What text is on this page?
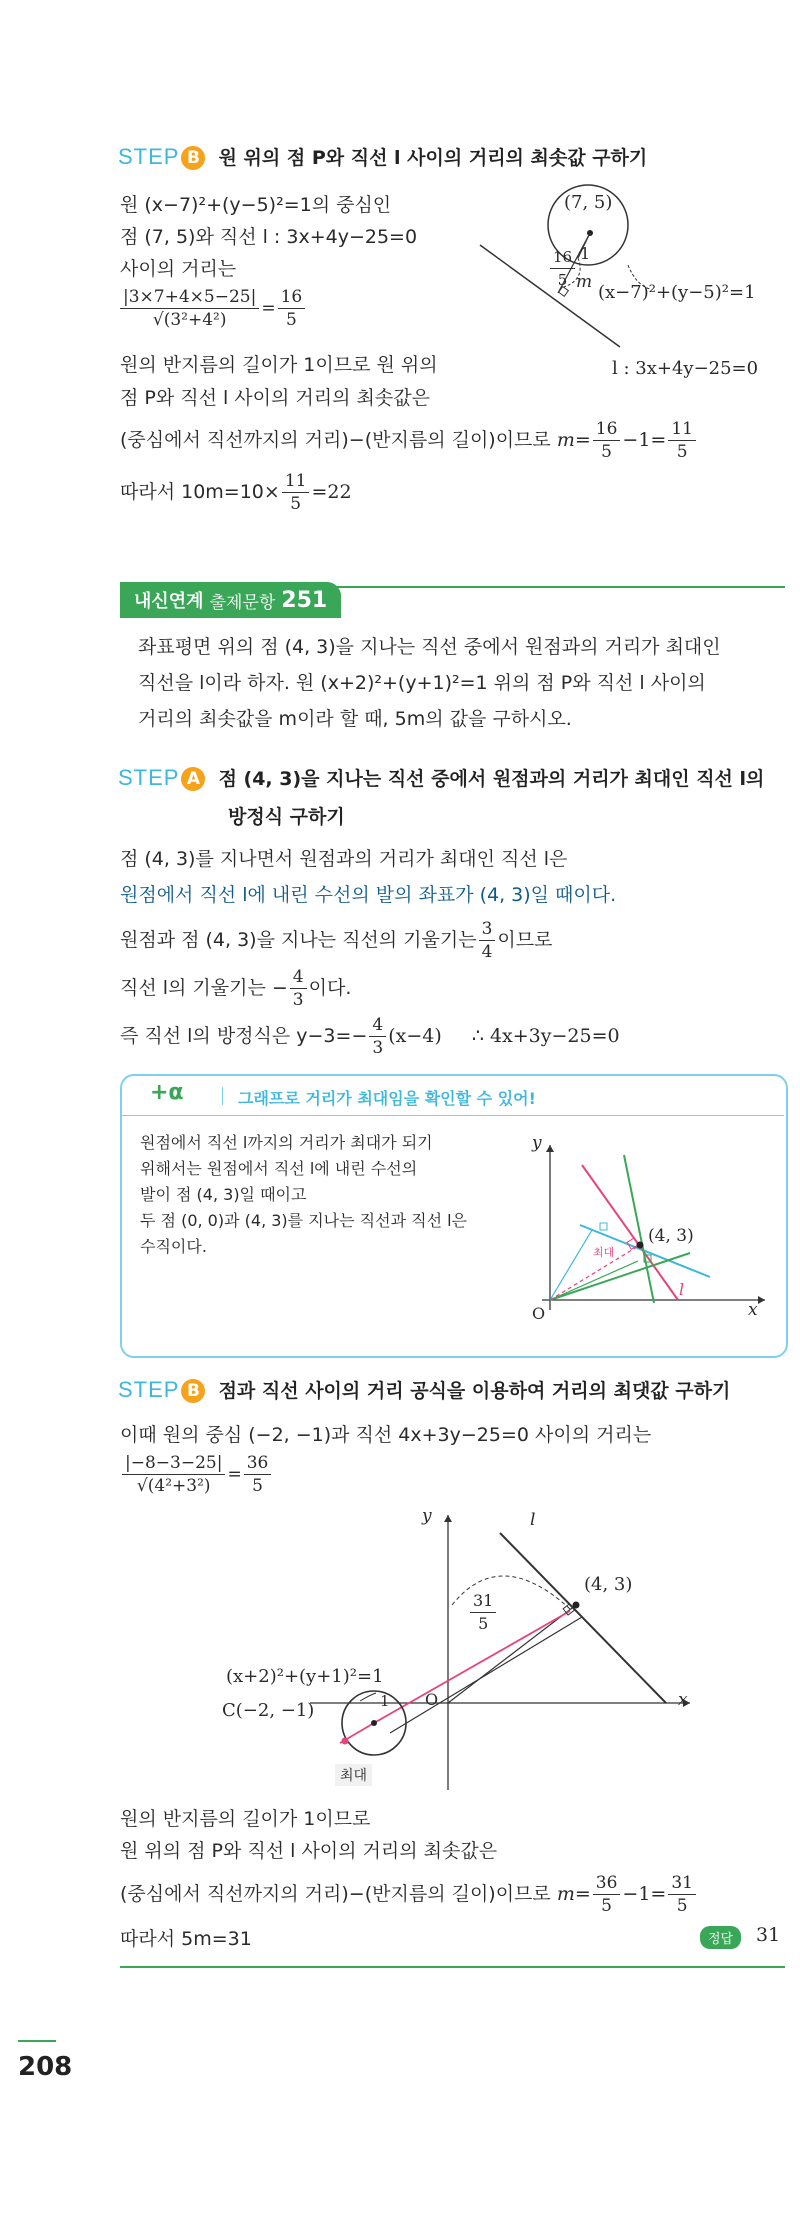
STEP B 원 위의 점 P와 직선 l 사이의 거리의 최솟값 구하기
원 (x−7)²+(y−5)²=1의 중심인
점 (7, 5)와 직선 l : 3x+4y−25=0
사이의 거리는
$\frac{|3\times 7+4\times 5-25|}{\text{√(3²+4²)}} = \frac{16}{5}$
원의 반지름의 길이가 1이므로 원 위의
점 P와 직선 l 사이의 거리의 최솟값은
(중심에서 직선까지의 거리)−(반지름의 길이)이므로 $m= \frac{16}{5} -1= \frac{11}{5}$
따라서 $10m=10\times \frac{11}{5} =22$
(7, 5)
1
$\frac{16}{5}$ m (x−7)²+(y−5)²=1
l : 3x+4y−25=0
내신연계 출제문항 251
좌표평면 위의 점 (4, 3)을 지나는 직선 중에서 원점과의 거리가 최대인
직선을 l이라 하자. 원 (x+2)²+(y+1)²=1 위의 점 P와 직선 l 사이의
거리의 최솟값을 m이라 할 때, 5m의 값을 구하시오.
STEP A 점 (4, 3)을 지나는 직선 중에서 원점과의 거리가 최대인 직선 l의
방정식 구하기
점 (4, 3)를 지나면서 원점과의 거리가 최대인 직선 l은
원점에서 직선 l에 내린 수선의 발의 좌표가 (4, 3)일 때이다.
원점과 점 (4, 3)을 지나는 직선의 기울기는 $\frac{3}{4}$ 이므로
직선 l의 기울기는 − $\frac{4}{3}$ 이다.
즉 직선 l의 방정식은 $y-3=- \frac{4}{3} (x-4)$ ∴ 4x+3y−25=0
+α	그래프로 거리가 최대임을 확인할 수 있어!
원점에서 직선 l까지의 거리가 최대가 되기
위해서는 원점에서 직선 l에 내린 수선의
발이 점 (4, 3)일 때이고
두 점 (0, 0)과 (4, 3)를 지나는 직선과 직선 l은
수직이다.
y
x
O
(4, 3)
최대
l
STEP B 점과 직선 사이의 거리 공식을 이용하여 거리의 최댓값 구하기
이때 원의 중심 (−2, −1)과 직선 4x+3y−25=0 사이의 거리는
$\frac{|-8-3-25|}{\text{√(4²+3²)}} = \frac{36}{5}$
y
x
O
l
(4, 3)
$\frac{31}{5}$
(x+2)²+(y+1)²=1
C(−2, −1)	1
최대
원의 반지름의 길이가 1이므로
원 위의 점 P와 직선 l 사이의 거리의 최솟값은
(중심에서 직선까지의 거리)−(반지름의 길이)이므로 $m= \frac{36}{5} -1= \frac{31}{5}$
따라서 5m=31	정답	31
208
